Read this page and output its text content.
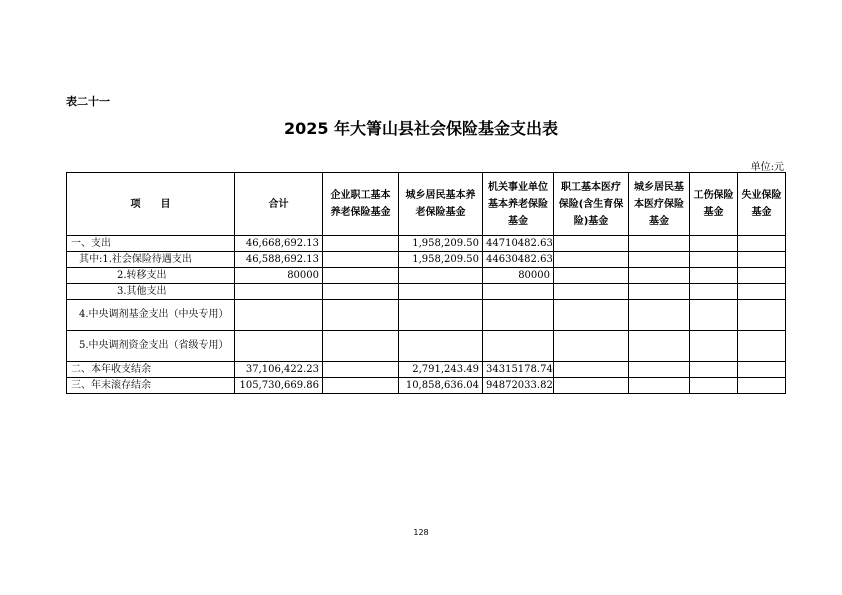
表二十一
2025 年大箐山县社会保险基金支出表
单位:元
项　　目	合计	企业职工基本养老保险基金	城乡居民基本养老保险基金	机关事业单位基本养老保险基金	职工基本医疗保险(含生育保险)基金	城乡居民基本医疗保险基金	工伤保险基金	失业保险基金
一、支出	46,668,692.13		1,958,209.50	44710482.63				
其中:1.社会保险待遇支出	46,588,692.13		1,958,209.50	44630482.63				
2.转移支出	80000			80000				
3.其他支出								
4.中央调剂基金支出（中央专用）								
5.中央调剂资金支出（省级专用）								
二、本年收支结余	37,106,422.23		2,791,243.49	34315178.74				
三、年末滚存结余	105,730,669.86		10,858,636.04	94872033.82				
128
